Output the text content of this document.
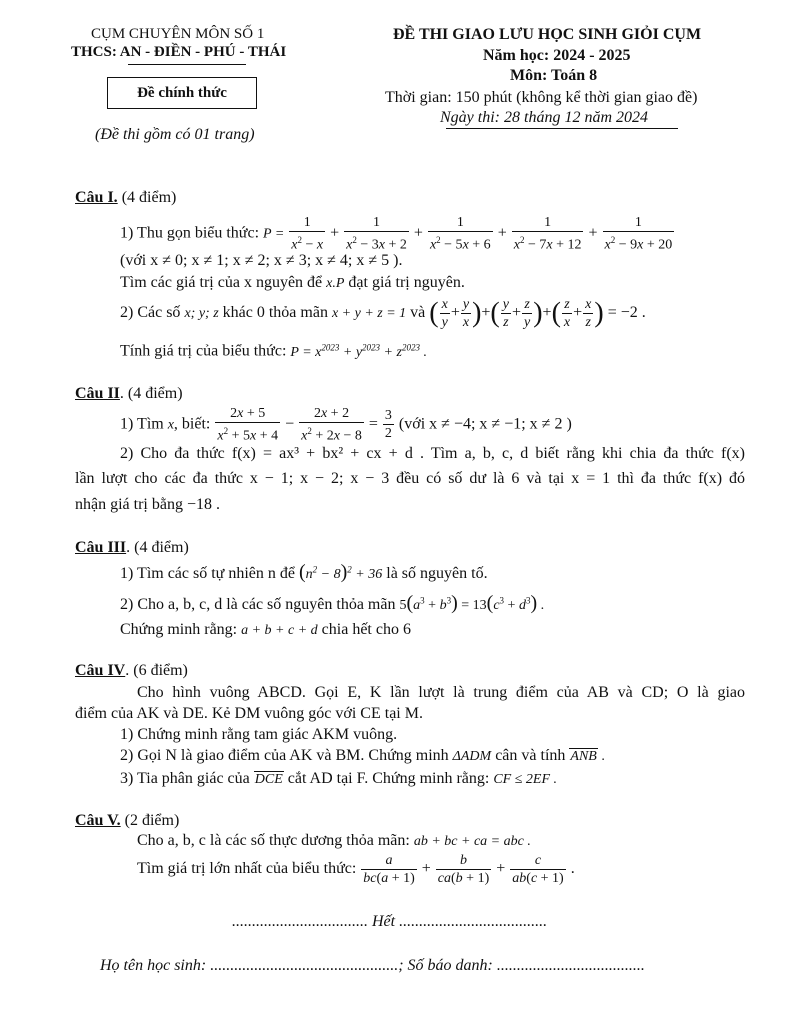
CỤM CHUYÊN MÔN SỐ 1
THCS: AN - ĐIỀN - PHÚ - THÁI
Đề chính thức
(Đề thi gồm có 01 trang)
ĐỀ THI GIAO LƯU HỌC SINH GIỎI CỤM
Năm học: 2024 - 2025
Môn: Toán 8
Thời gian: 150 phút (không kể thời gian giao đề)
Ngày thi: 28 tháng 12 năm 2024
Câu I. (4 điểm)
1) Thu gọn biểu thức: $P = \frac{1}{x^2 - x} + \frac{1}{x^2 - 3x + 2} + \frac{1}{x^2 - 5x + 6} + \frac{1}{x^2 - 7x + 12} + \frac{1}{x^2 - 9x + 20}$
(với x ≠ 0; x ≠ 1; x ≠ 2; x ≠ 3; x ≠ 4; x ≠ 5 ).
Tìm các giá trị của x nguyên để x.P đạt giá trị nguyên.
2) Các số x; y; z khác 0 thỏa mãn x + y + z = 1 và ( $\frac{x}{y} + \frac{y}{x}$ )+( $\frac{y}{z} + \frac{z}{y}$ )+( $\frac{z}{x} + \frac{x}{z}$ ) = −2 .
Tính giá trị của biểu thức: $P = x^{2023} + y^{2023} + z^{2023}$ .
Câu II. (4 điểm)
1) Tìm x, biết: $\frac{2x + 5}{x^2 + 5x + 4} - \frac{2x + 2}{x^2 + 2x - 8} = \frac{3}{2}$ (với x ≠ −4; x ≠ −1; x ≠ 2 )
2) Cho đa thức f(x) = ax³ + bx² + cx + d . Tìm a, b, c, d biết rằng khi chia đa thức f(x)
lần lượt cho các đa thức x − 1; x − 2; x − 3 đều có số dư là 6 và tại x = 1 thì đa thức f(x) đó
nhận giá trị bằng −18 .
Câu III. (4 điểm)
1) Tìm các số tự nhiên n để $(n^2 - 8)^2 + 36$ là số nguyên tố.
2) Cho a, b, c, d là các số nguyên thỏa mãn $5(a^3 + b^3) = 13(c^3 + d^3)$ .
Chứng minh rằng: a + b + c + d chia hết cho 6
Câu IV. (6 điểm)
Cho hình vuông ABCD. Gọi E, K lần lượt là trung điểm của AB và CD; O là giao
điểm của AK và DE. Kẻ DM vuông góc với CE tại M.
1) Chứng minh rằng tam giác AKM vuông.
2) Gọi N là giao điểm của AK và BM. Chứng minh ΔADM cân và tính ANB .
3) Tia phân giác của DCE cắt AD tại F. Chứng minh rằng: CF ≤ 2EF .
Câu V. (2 điểm)
Cho a, b, c là các số thực dương thỏa mãn: ab + bc + ca = abc .
Tìm giá trị lớn nhất của biểu thức: $\frac{a}{bc(a + 1)} + \frac{b}{ca(b + 1)} + \frac{c}{ab(c + 1)}$ .
.................................. Hết .....................................
Họ tên học sinh: ...............................................; Số báo danh: .....................................
